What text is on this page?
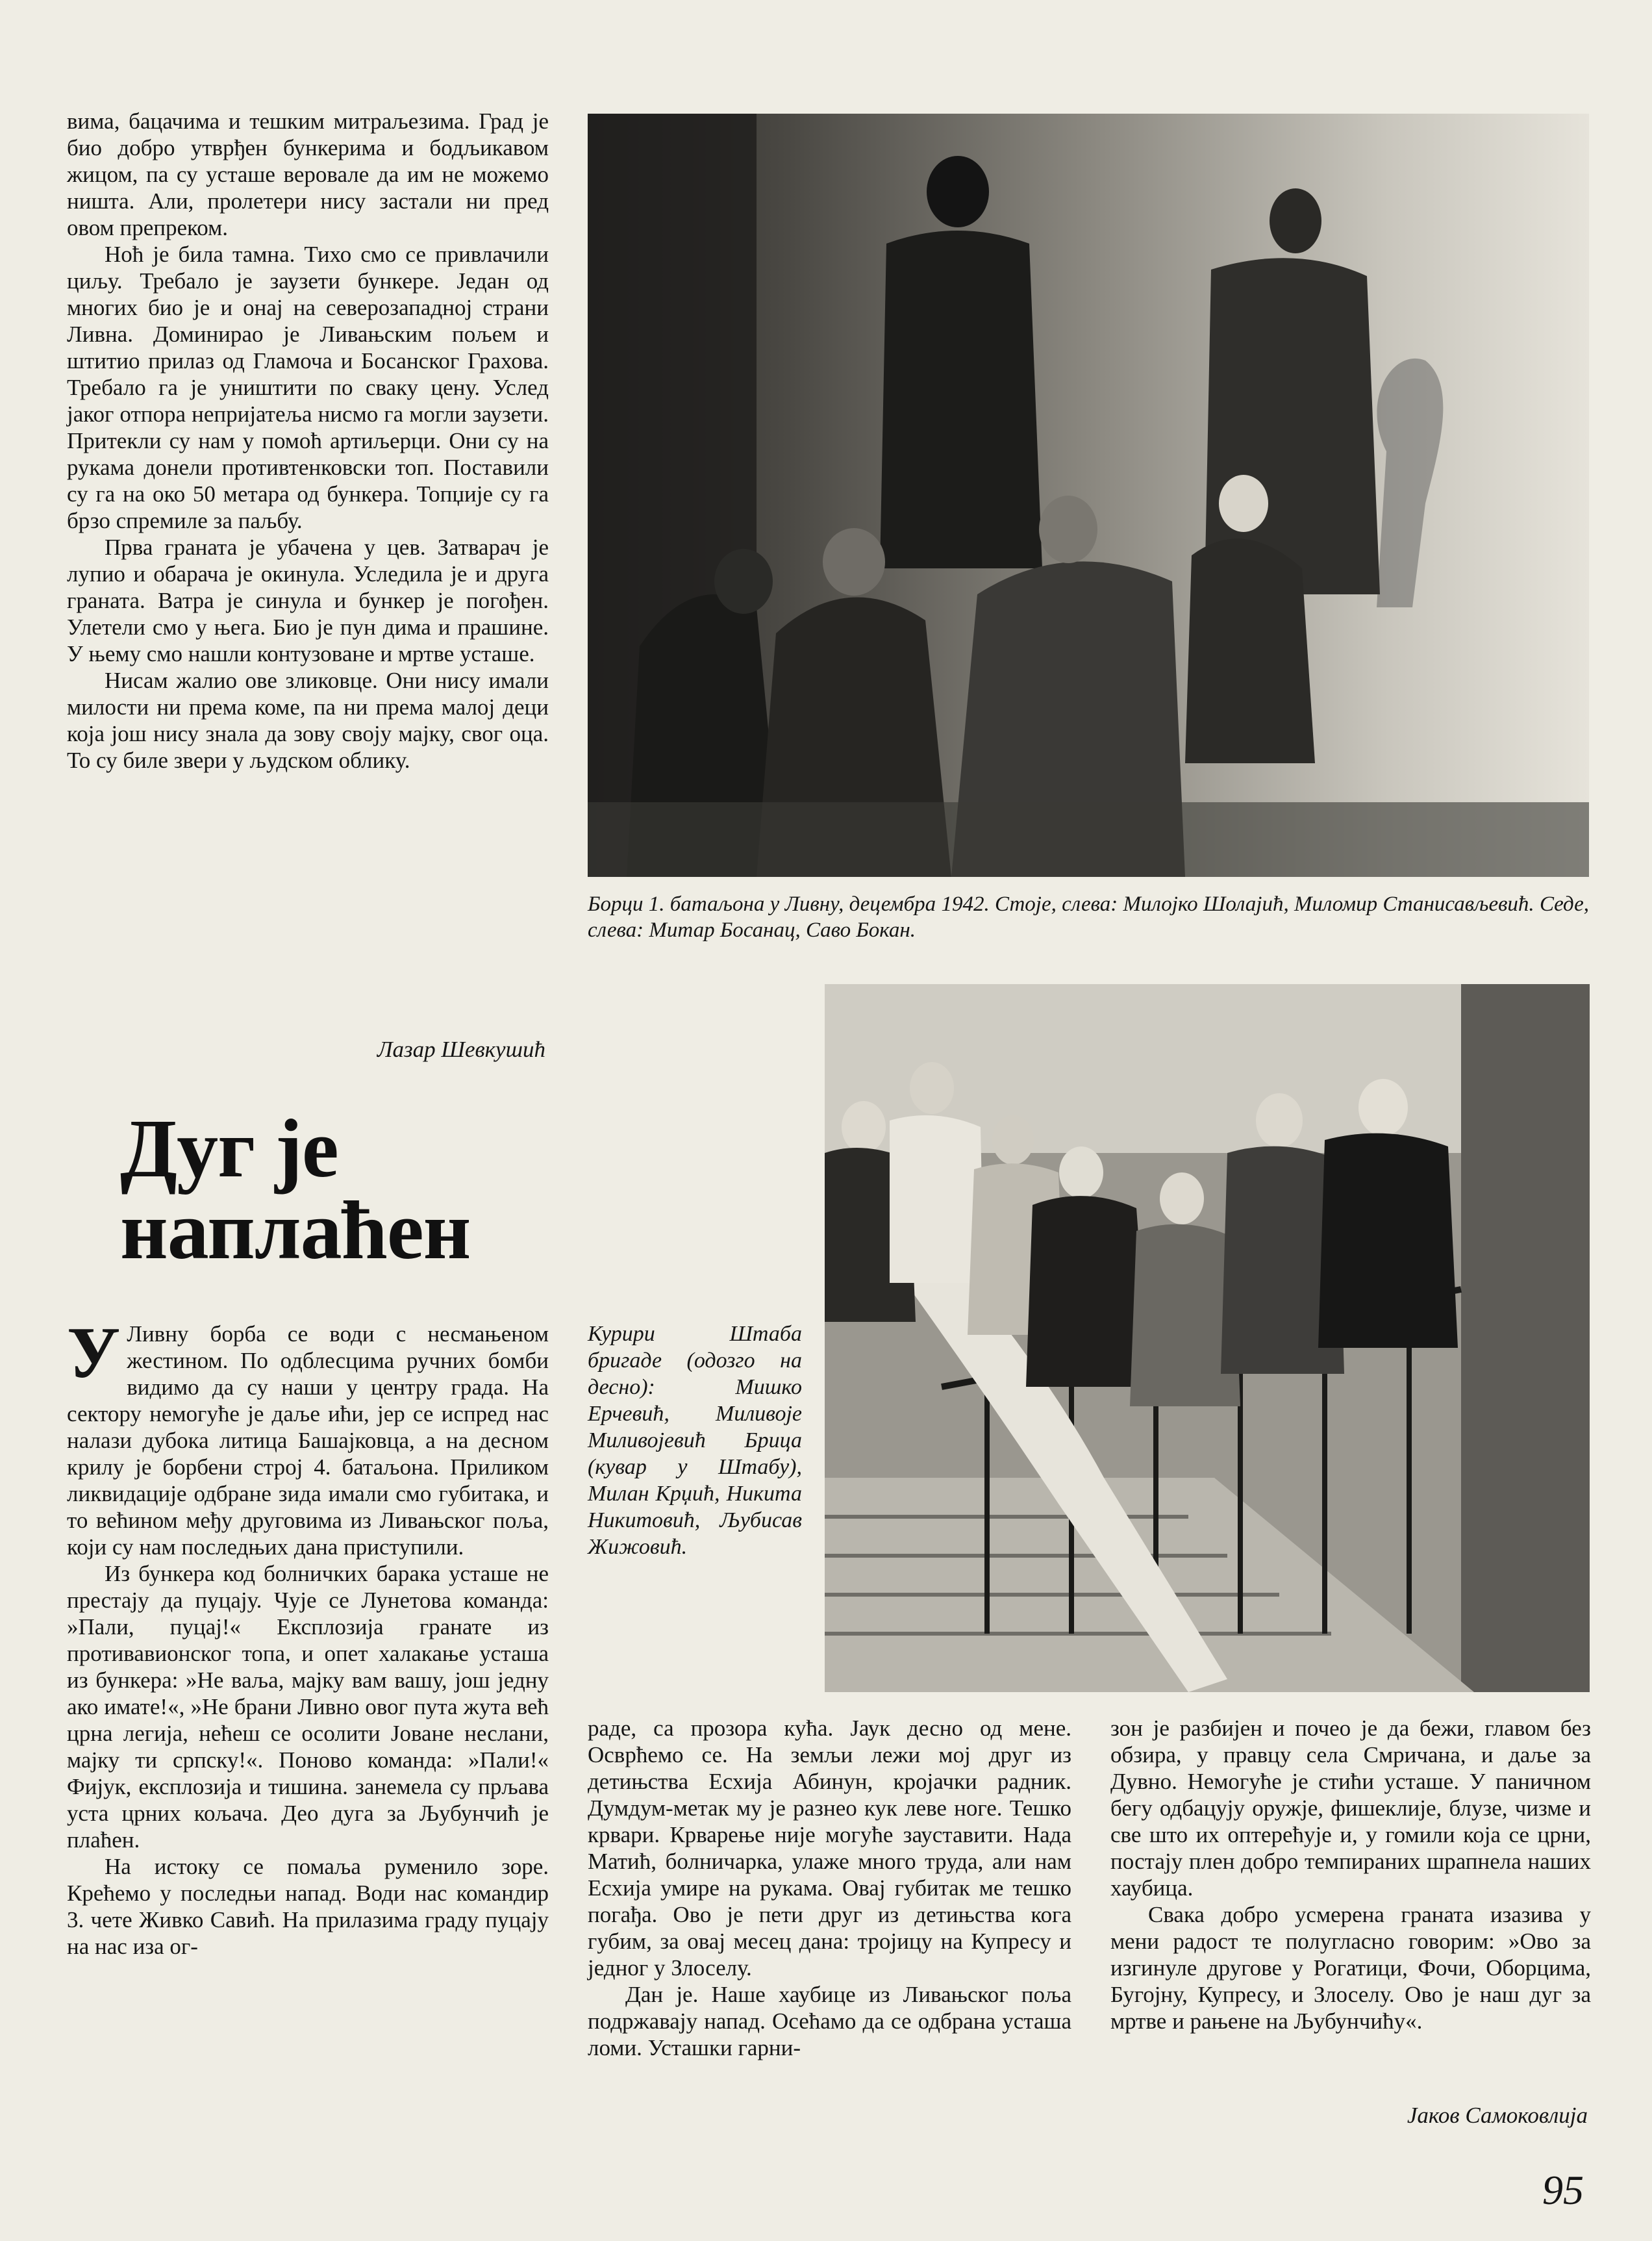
вима, бацачима и тешким митраљезима. Град је био добро утврђен бункерима и бодљикавом жицом, па су усташе веровале да им не можемо ништа. Али, пролетери нису застали ни пред овом препреком.

Ноћ је била тамна. Тихо смо се привлачили циљу. Требало је заузети бункере. Један од многих био је и онај на северозападној страни Ливна. Доминирао је Ливањским пољем и штитио прилаз од Гламоча и Босанског Грахова. Требало га је уништити по сваку цену. Услед јаког отпора непријатеља нисмо га могли заузети. Притекли су нам у помоћ артиљерци. Они су на рукама донели противтенковски топ. Поставили су га на око 50 метара од бункера. Топџије су га брзо спремиле за паљбу.

Прва граната је убачена у цев. Затварач је лупио и обарача је окинула. Уследила је и друга граната. Ватра је синула и бункер је погођен. Улетели смо у њега. Био је пун дима и прашине. У њему смо нашли контузоване и мртве усташе.

Нисам жалио ове зликовце. Они нису имали милости ни према коме, па ни према малој деци која још нису знала да зову своју мајку, свог оца. То су биле звери у људском облику.

Лазар Шевкушић
Борци 1. батаљона у Ливну, децембра 1942. Стоје, слева: Милојко Шолајић, Миломир Станисављевић. Седе, слева: Митар Босанац, Саво Бокан.
Дуг је
наплаћен
Курири Штаба бригаде (одозго на десно): Мишко Ерчевић, Миливоје Миливојевић Брица (кувар у Штабу), Милан Крџић, Никита Никитовић, Љубисав Жижовић.

У Ливну борба се води с несмањеном жестином. По одблесцима ручних бомби видимо да су наши у центру града. На сектору немогуће је даље ићи, јер се испред нас налази дубока литица Башајковца, а на десном крилу је борбени строј 4. батаљона. Приликом ликвидације одбране зида имали смо губитака, и то већином међу друговима из Ливањског поља, који су нам последњих дана приступили.

Из бункера код болничких барака усташе не престају да пуцају. Чује се Лунетова команда: »Пали, пуцај!« Експлозија гранате из противавионског топа, и опет халакање усташа из бункера: »Не ваља, мајку вам вашу, још једну ако имате!«, »Не брани Ливно овог пута жута већ црна легија, нећеш се осолити Јоване неслани, мајку ти српску!«. Поново команда: »Пали!« Фијук, експлозија и тишина. занемела су прљава уста црних кољача. Део дуга за Љубунчић је плаћен.

На истоку се помаља руменило зоре. Крећемо у последњи напад. Води нас командир 3. чете Живко Савић. На прилазима граду пуцају на нас иза ог-

раде, са прозора кућа. Јаук десно од мене. Осврћемо се. На земљи лежи мој друг из детињства Есхија Абинун, кројачки радник. Думдум-метак му је разнео кук леве ноге. Тешко крвари. Крварење није могуће зауставити. Нада Матић, болничарка, улаже много труда, али нам Есхија умире на рукама. Овај губитак ме тешко погађа. Ово је пети друг из детињства кога губим, за овај месец дана: тројицу на Купресу и једног у Злоселу.

Дан је. Наше хаубице из Ливањског поља подржавају напад. Осећамо да се одбрана усташа ломи. Усташки гарни-

зон је разбијен и почео је да бежи, главом без обзира, у правцу села Смричана, и даље за Дувно. Немогуће је стићи усташе. У паничном бегу одбацују оружје, фишеклије, блузе, чизме и све што их оптерећује и, у гомили која се црни, постају плен добро темпираних шрапнела наших хаубица.

Свака добро усмерена граната изазива у мени радост те полугласно говорим: »Ово за изгинуле другове у Рогатици, Фочи, Оборцима, Бугојну, Купресу, и Злоселу. Ово је наш дуг за мртве и рањене на Љубунчићу«.

Јаков Самоковлија
95
